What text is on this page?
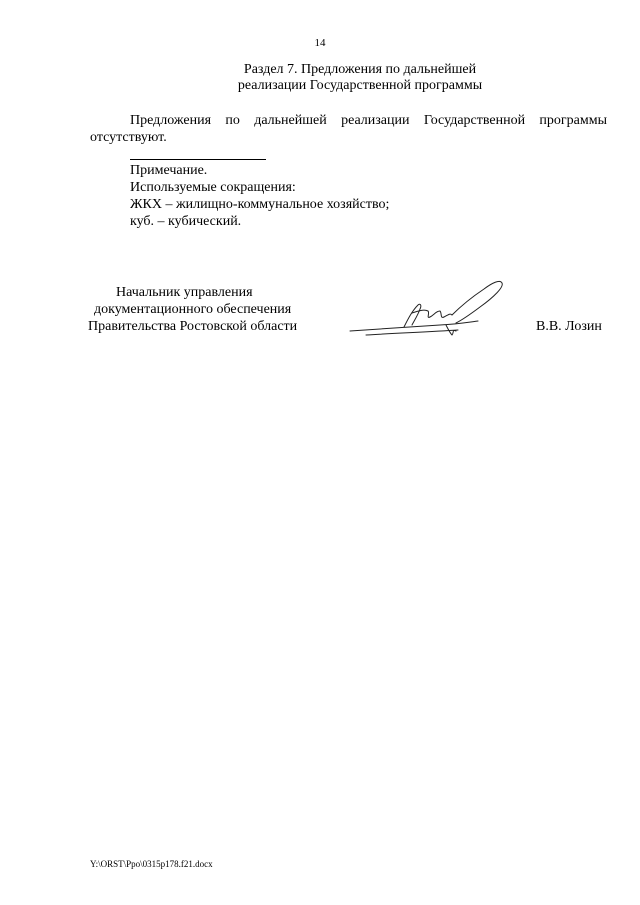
14
Раздел 7. Предложения по дальнейшей
реализации Государственной программы
Предложения по дальнейшей реализации Государственной программы
отсутствуют.
Примечание.
Используемые сокращения:
ЖКХ – жилищно-коммунальное хозяйство;
куб. – кубический.
Начальник управления
документационного обеспечения
Правительства Ростовской области	В.В. Лозин
Y:\ORST\Ppo\0315p178.f21.docx
